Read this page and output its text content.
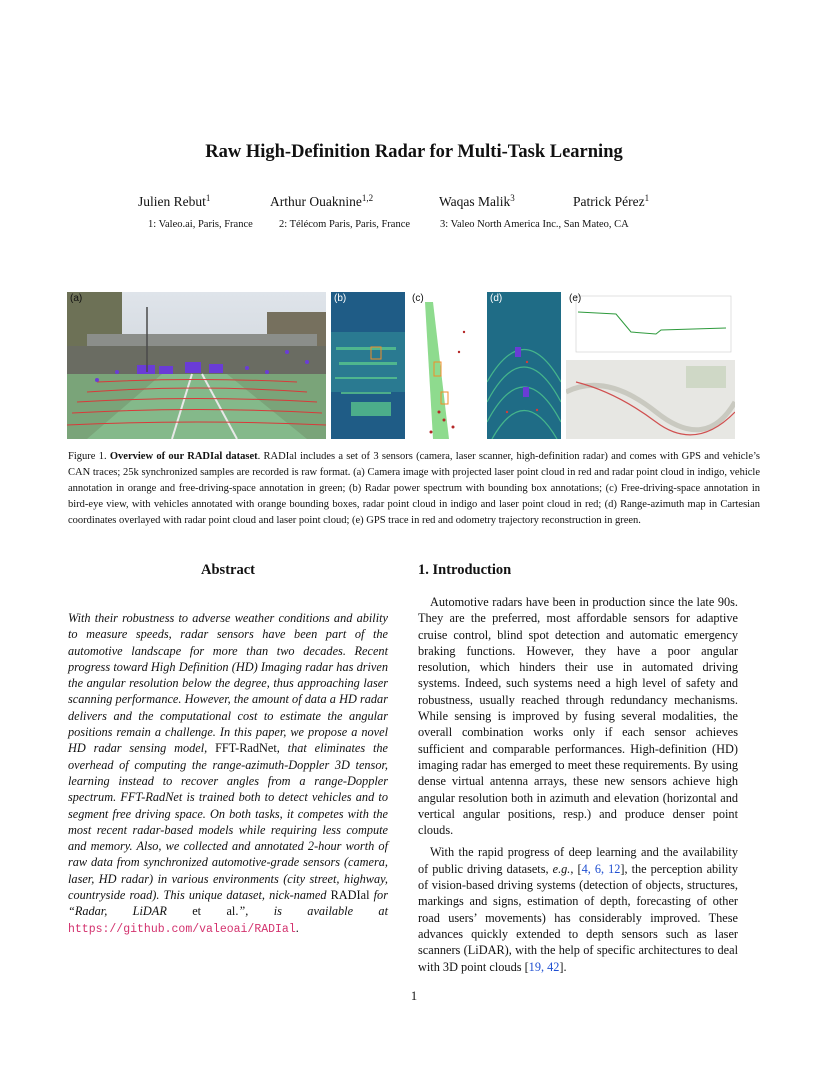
Raw High-Definition Radar for Multi-Task Learning
Julien Rebut$^1$	Arthur Ouaknine$^{1,2}$	Waqas Malik$^3$	Patrick Pérez$^1$
1: Valeo.ai, Paris, France 2: Télécom Paris, Paris, France	3: Valeo North America Inc., San Mateo, CA
(a)	(b)	(c)	(d)	(e)
Figure 1. Overview of our RADIal dataset. RADIal includes a set of 3 sensors (camera, laser scanner, high-definition radar) and comes with GPS and vehicle’s CAN traces; 25k synchronized samples are recorded is raw format. (a) Camera image with projected laser point cloud in red and radar point cloud in indigo, vehicle annotation in orange and free-driving-space annotation in green; (b) Radar power spectrum with bounding box annotations; (c) Free-driving-space annotation in bird-eye view, with vehicles annotated with orange bounding boxes, radar point cloud in indigo and laser point cloud in red; (d) Range-azimuth map in Cartesian coordinates overlayed with radar point cloud and laser point cloud; (e) GPS trace in red and odometry trajectory reconstruction in green.
Abstract

With their robustness to adverse weather conditions and ability to measure speeds, radar sensors have been part of the automotive landscape for more than two decades. Recent progress toward High Definition (HD) Imaging radar has driven the angular resolution below the degree, thus approaching laser scanning performance. However, the amount of data a HD radar delivers and the computational cost to estimate the angular positions remain a challenge. In this paper, we propose a novel HD radar sensing model, FFT-RadNet, that eliminates the overhead of computing the range-azimuth-Doppler 3D tensor, learning instead to recover angles from a range-Doppler spectrum. FFT-RadNet is trained both to detect vehicles and to segment free driving space. On both tasks, it competes with the most recent radar-based models while requiring less compute and memory. Also, we collected and annotated 2-hour worth of raw data from synchronized automotive-grade sensors (camera, laser, HD radar) in various environments (city street, highway, countryside road). This unique dataset, nick-named RADIal for “Radar, LiDAR et al.”, is available at https://github.com/valeoai/RADIal.

1. Introduction

Automotive radars have been in production since the late 90s. They are the preferred, most affordable sensors for adaptive cruise control, blind spot detection and automatic emergency braking functions. However, they have a poor angular resolution, which hinders their use in automated driving systems. Indeed, such systems need a high level of safety and robustness, usually reached through redundancy mechanisms. While sensing is improved by fusing several modalities, the overall combination works only if each sensor achieves sufficient and comparable performances. High-definition (HD) imaging radar has emerged to meet these requirements. By using dense virtual antenna arrays, these new sensors achieve high angular resolution both in azimuth and elevation (horizontal and vertical angular positions, resp.) and produce denser point clouds.

With the rapid progress of deep learning and the availability of public driving datasets, e.g., [4, 6, 12], the perception ability of vision-based driving systems (detection of objects, structures, markings and signs, estimation of depth, forecasting of other road users’ movements) has considerably improved. These advances quickly extended to depth sensors such as laser scanners (LiDAR), with the help of specific architectures to deal with 3D point clouds [19, 42].

1
